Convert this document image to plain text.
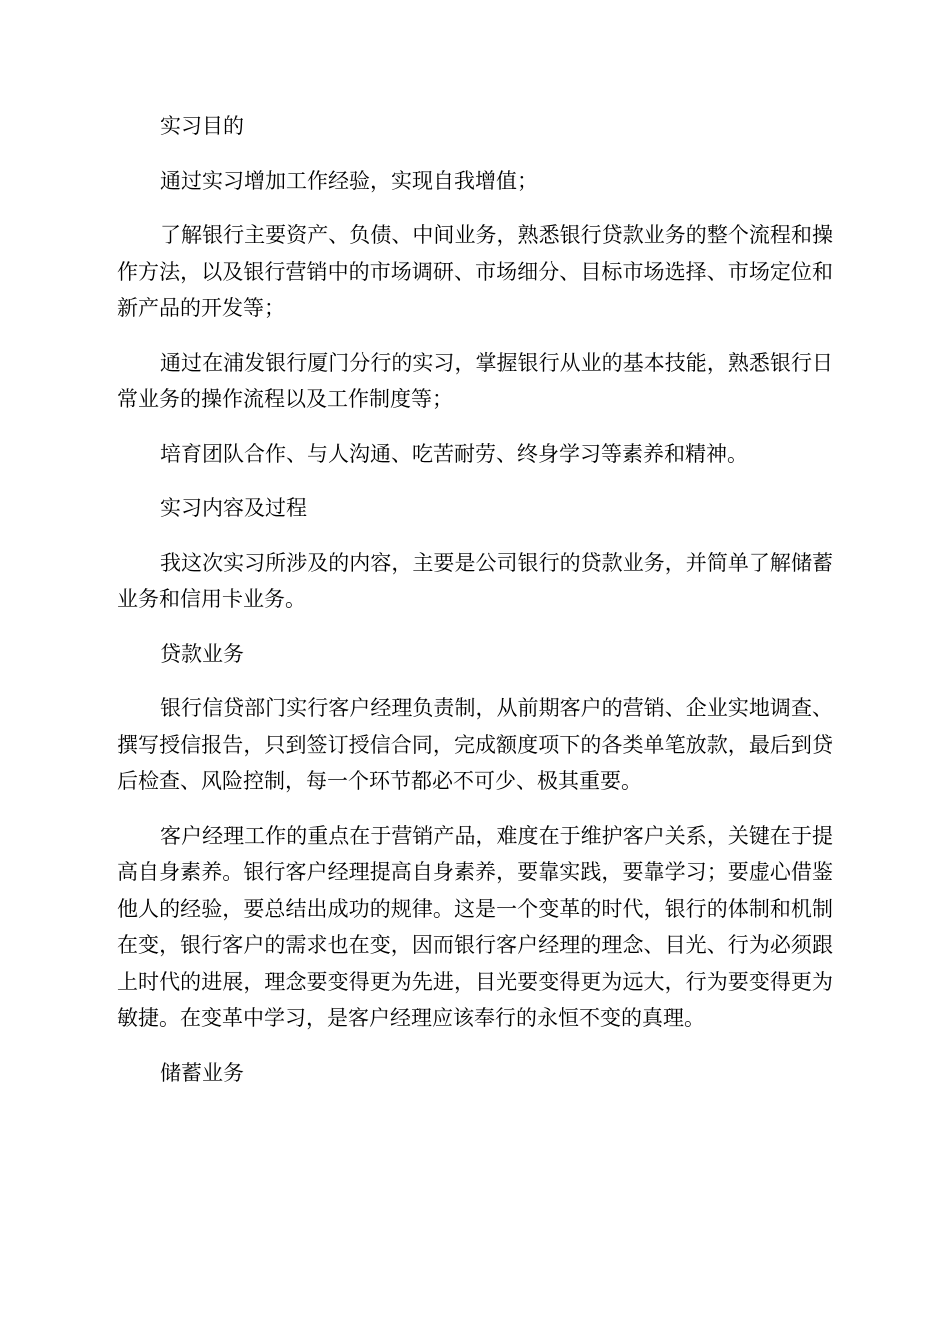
实习目的

通过实习增加工作经验，实现自我增值；

了解银行主要资产、负债、中间业务，熟悉银行贷款业务的整个流程和操作方法，以及银行营销中的市场调研、市场细分、目标市场选择、市场定位和新产品的开发等；

通过在浦发银行厦门分行的实习，掌握银行从业的基本技能，熟悉银行日常业务的操作流程以及工作制度等；

培育团队合作、与人沟通、吃苦耐劳、终身学习等素养和精神。

实习内容及过程

我这次实习所涉及的内容，主要是公司银行的贷款业务，并简单了解储蓄业务和信用卡业务。

贷款业务

银行信贷部门实行客户经理负责制，从前期客户的营销、企业实地调查、撰写授信报告，只到签订授信合同，完成额度项下的各类单笔放款，最后到贷后检查、风险控制，每一个环节都必不可少、极其重要。

客户经理工作的重点在于营销产品，难度在于维护客户关系，关键在于提高自身素养。银行客户经理提高自身素养，要靠实践，要靠学习；要虚心借鉴他人的经验，要总结出成功的规律。这是一个变革的时代，银行的体制和机制在变，银行客户的需求也在变，因而银行客户经理的理念、目光、行为必须跟上时代的进展，理念要变得更为先进，目光要变得更为远大，行为要变得更为敏捷。在变革中学习，是客户经理应该奉行的永恒不变的真理。

储蓄业务
